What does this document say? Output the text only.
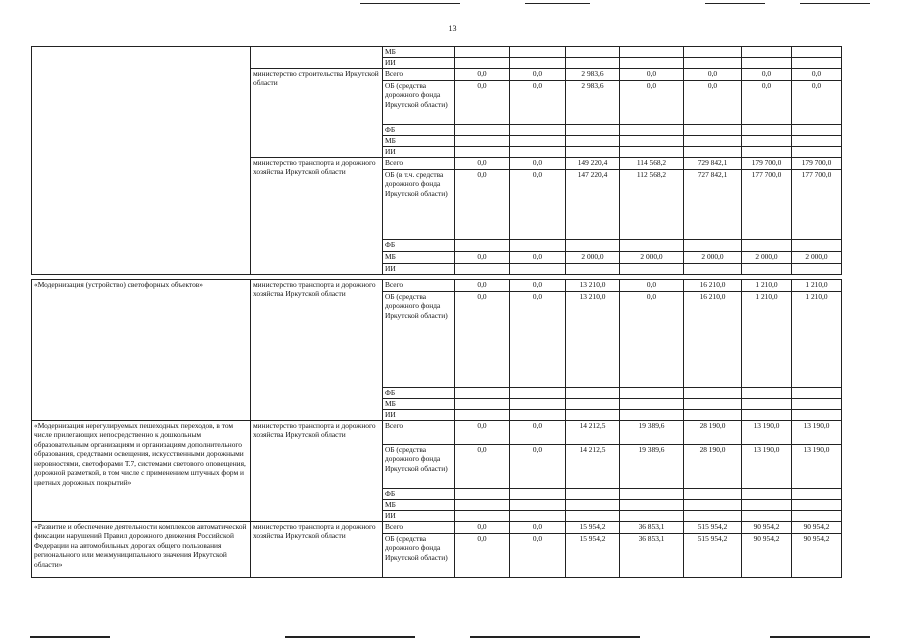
13
		МБ							
		ИИ							
	министерство строительства Иркутской области	Всего	0,0	0,0	2 983,6	0,0	0,0	0,0	0,0
		ОБ (средства дорожного фонда Иркутской области)	0,0	0,0	2 983,6	0,0	0,0	0,0	0,0
		ФБ							
		МБ							
		ИИ							
	министерство транспорта и дорожного хозяйства Иркутской области	Всего	0,0	0,0	149 220,4	114 568,2	729 842,1	179 700,0	179 700,0
		ОБ (в т.ч. средства дорожного фонда Иркутской области)	0,0	0,0	147 220,4	112 568,2	727 842,1	177 700,0	177 700,0
		ФБ							
		МБ	0,0	0,0	2 000,0	2 000,0	2 000,0	2 000,0	2 000,0
		ИИ							
«Модернизация (устройство) светофорных объектов»	министерство транспорта и дорожного хозяйства Иркутской области	Всего	0,0	0,0	13 210,0	0,0	16 210,0	1 210,0	1 210,0
		ОБ (средства дорожного фонда Иркутской области)	0,0	0,0	13 210,0	0,0	16 210,0	1 210,0	1 210,0
		ФБ							
		МБ							
		ИИ							
«Модернизация нерегулируемых пешеходных переходов, в том числе прилегающих непосредственно к дошкольным образовательным организациям и организациям дополнительного образования, средствами освещения, искусственными дорожными неровностями, светофорами Т.7, системами светового оповещения, дорожной разметкой, в том числе с применением штучных форм и цветных дорожных покрытий»	министерство транспорта и дорожного хозяйства Иркутской области	Всего	0,0	0,0	14 212,5	19 389,6	28 190,0	13 190,0	13 190,0
		ОБ (средства дорожного фонда Иркутской области)	0,0	0,0	14 212,5	19 389,6	28 190,0	13 190,0	13 190,0
		ФБ							
		МБ							
		ИИ							
«Развитие и обеспечение деятельности комплексов автоматической фиксации нарушений Правил дорожного движения Российской Федерации на автомобильных дорогах общего пользования регионального или межмуниципального значения Иркутской области»	министерство транспорта и дорожного хозяйства Иркутской области	Всего	0,0	0,0	15 954,2	36 853,1	515 954,2	90 954,2	90 954,2
		ОБ (средства дорожного фонда Иркутской области)	0,0	0,0	15 954,2	36 853,1	515 954,2	90 954,2	90 954,2
